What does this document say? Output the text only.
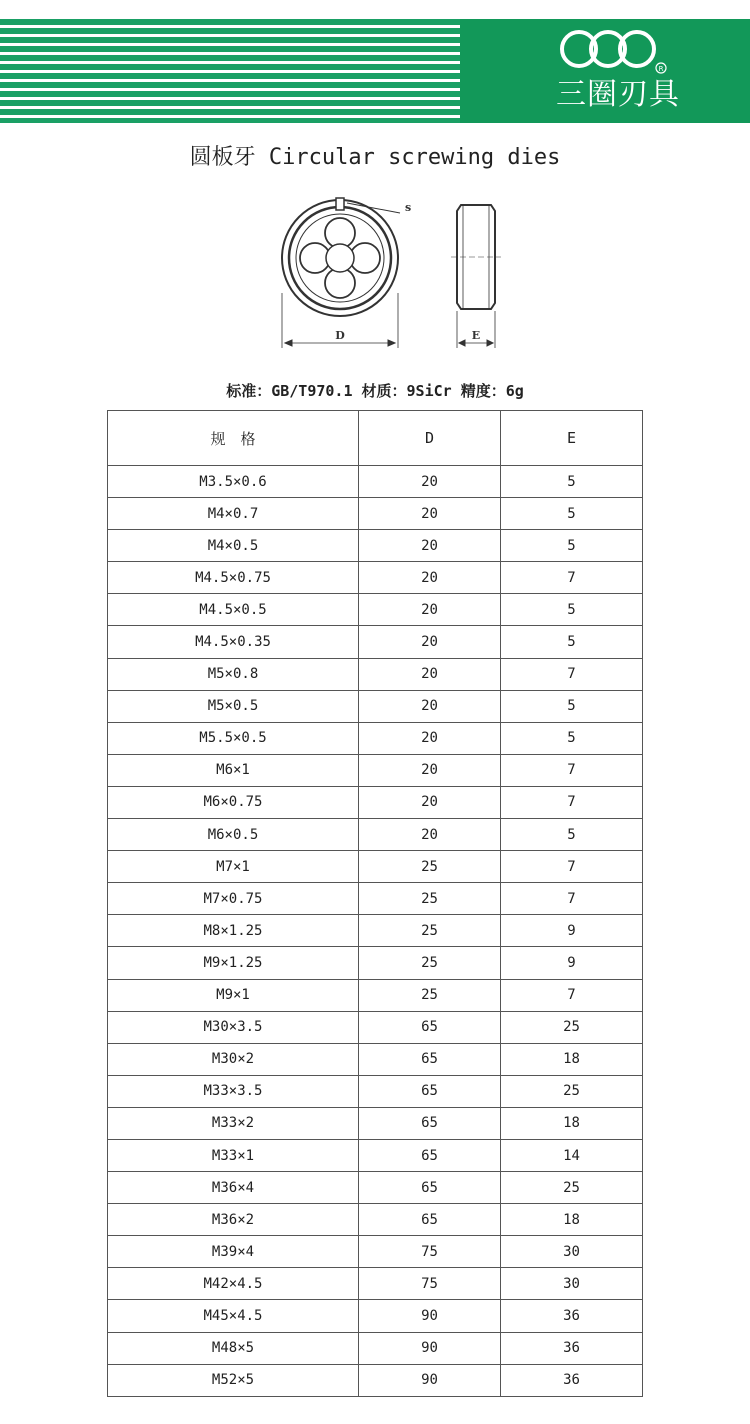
R
三圈刃具
圆板牙 Circular screwing dies
s
D	E
标准：GB/T970.1 材质：9SiCr 精度：6g
规　格	D	E
M3.5×0.6	20	5
M4×0.7	20	5
M4×0.5	20	5
M4.5×0.75	20	7
M4.5×0.5	20	5
M4.5×0.35	20	5
M5×0.8	20	7
M5×0.5	20	5
M5.5×0.5	20	5
M6×1	20	7
M6×0.75	20	7
M6×0.5	20	5
M7×1	25	7
M7×0.75	25	7
M8×1.25	25	9
M9×1.25	25	9
M9×1	25	7
M30×3.5	65	25
M30×2	65	18
M33×3.5	65	25
M33×2	65	18
M33×1	65	14
M36×4	65	25
M36×2	65	18
M39×4	75	30
M42×4.5	75	30
M45×4.5	90	36
M48×5	90	36
M52×5	90	36
